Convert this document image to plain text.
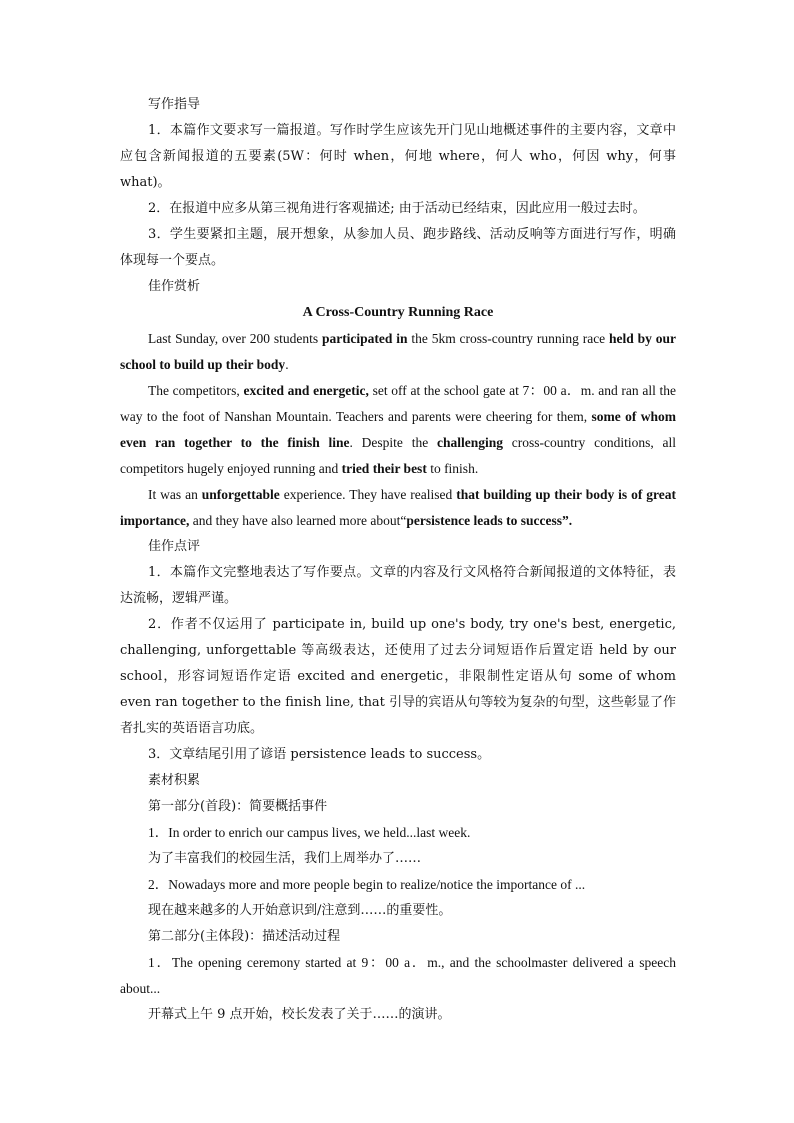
写作指导

1．本篇作文要求写一篇报道。写作时学生应该先开门见山地概述事件的主要内容，文章中应包含新闻报道的五要素(5W：何时 when，何地 where，何人 who，何因 why，何事 what)。

2．在报道中应多从第三视角进行客观描述; 由于活动已经结束，因此应用一般过去时。

3．学生要紧扣主题，展开想象，从参加人员、跑步路线、活动反响等方面进行写作，明确体现每一个要点。

佳作赏析

A Cross-Country Running Race

Last Sunday, over 200 students participated in the 5km cross-country running race held by our school to build up their body.

The competitors, excited and energetic, set off at the school gate at 7：00 a．m. and ran all the way to the foot of Nanshan Mountain. Teachers and parents were cheering for them, some of whom even ran together to the finish line. Despite the challenging cross-country conditions, all competitors hugely enjoyed running and tried their best to finish.

It was an unforgettable experience. They have realised that building up their body is of great importance, and they have also learned more about“persistence leads to success”.

佳作点评

1．本篇作文完整地表达了写作要点。文章的内容及行文风格符合新闻报道的文体特征，表达流畅，逻辑严谨。

2．作者不仅运用了 participate in, build up one's body, try one's best, energetic, challenging, unforgettable 等高级表达，还使用了过去分词短语作后置定语 held by our school，形容词短语作定语 excited and energetic，非限制性定语从句 some of whom even ran together to the finish line, that 引导的宾语从句等较为复杂的句型，这些彰显了作者扎实的英语语言功底。

3．文章结尾引用了谚语 persistence leads to success。

素材积累

第一部分(首段)：简要概括事件

1．In order to enrich our campus lives, we held...last week.

为了丰富我们的校园生活，我们上周举办了……

2．Nowadays more and more people begin to realize/notice the importance of ...

现在越来越多的人开始意识到/注意到……的重要性。

第二部分(主体段)：描述活动过程

1．The opening ceremony started at 9：00 a．m., and the schoolmaster delivered a speech about...

开幕式上午 9 点开始，校长发表了关于……的演讲。
